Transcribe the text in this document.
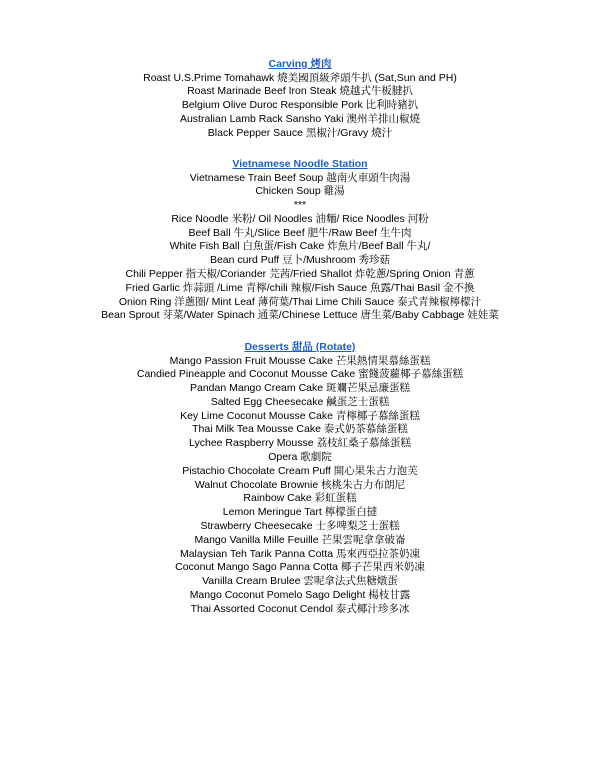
Carving 烤肉
Roast U.S.Prime Tomahawk 燒美國頂級斧頭牛扒 (Sat,Sun and PH)
Roast Marinade Beef Iron Steak 燒越式牛板腱扒
Belgium Olive Duroc Responsible Pork 比利時豬扒
Australian Lamb Rack Sansho Yaki 澳州羊排山椒燒
Black Pepper Sauce 黑椒汁/Gravy 燒汁
Vietnamese Noodle Station
Vietnamese Train Beef Soup 越南火車頭牛肉湯
Chicken Soup 雞湯
***
Rice Noodle 米粉/ Oil Noodles 油麵/ Rice Noodles 河粉
Beef Ball 牛丸/Slice Beef 肥牛/Raw Beef 生牛肉
White Fish Ball 白魚蛋/Fish Cake 炸魚片/Beef Ball 牛丸/
Bean curd Puff 豆卜/Mushroom 秀珍菇
Chili Pepper 指天椒/Coriander 芫茜/Fried Shallot 炸乾蔥/Spring Onion 青蔥
Fried Garlic 炸蒜頭 /Lime 青檸/chili 辣椒/Fish Sauce 魚露/Thai Basil 金不換
Onion Ring 洋蔥圈/ Mint Leaf 薄荷葉/Thai Lime Chili Sauce 泰式青辣椒檸檬汁
Bean Sprout 芽菜/Water Spinach 通菜/Chinese Lettuce 唐生菜/Baby Cabbage 娃娃菜
Desserts 甜品 (Rotate)
Mango Passion Fruit Mousse Cake 芒果熱情果慕絲蛋糕
Candied Pineapple and Coconut Mousse Cake 蜜餞菠蘿椰子慕絲蛋糕
Pandan Mango Cream Cake 斑斕芒果忌廉蛋糕
Salted Egg Cheesecake 鹹蛋芝士蛋糕
Key Lime Coconut Mousse Cake 青檸椰子慕絲蛋糕
Thai Milk Tea Mousse Cake 泰式奶茶慕絲蛋糕
Lychee Raspberry Mousse 荔枝紅桑子慕絲蛋糕
Opera 歌劇院
Pistachio Chocolate Cream Puff 開心果朱古力泡芙
Walnut Chocolate Brownie 核桃朱古力布朗尼
Rainbow Cake 彩虹蛋糕
Lemon Meringue Tart 檸檬蛋白撻
Strawberry Cheesecake 士多啤梨芝士蛋糕
Mango Vanilla Mille Feuille 芒果雲呢拿拿破崙
Malaysian Teh Tarik Panna Cotta 馬來西亞拉茶奶凍
Coconut Mango Sago Panna Cotta 椰子芒果西米奶凍
Vanilla Cream Brulee 雲呢拿法式焦糖燉蛋
Mango Coconut Pomelo Sago Delight 楊枝甘露
Thai Assorted Coconut Cendol 泰式椰汁珍多冰
